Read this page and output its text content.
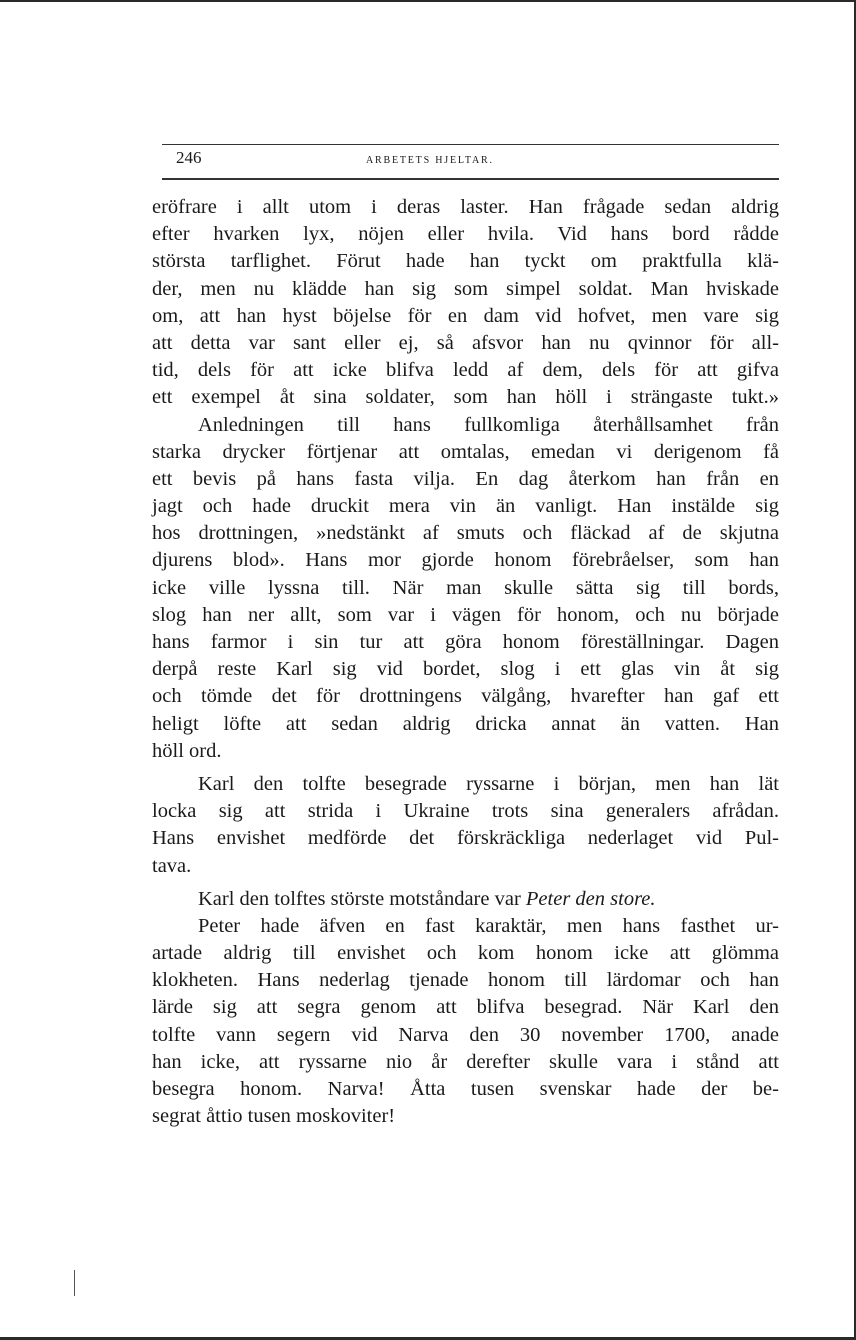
246	ARBETETS HJELTAR.
eröfrare i allt utom i deras laster. Han frågade sedan aldrig
efter hvarken lyx, nöjen eller hvila. Vid hans bord rådde
största tarflighet. Förut hade han tyckt om praktfulla klä-
der, men nu klädde han sig som simpel soldat. Man hviskade
om, att han hyst böjelse för en dam vid hofvet, men vare sig
att detta var sant eller ej, så afsvor han nu qvinnor för all-
tid, dels för att icke blifva ledd af dem, dels för att gifva
ett exempel åt sina soldater, som han höll i strängaste tukt.»
Anledningen till hans fullkomliga återhållsamhet från
starka drycker förtjenar att omtalas, emedan vi derigenom få
ett bevis på hans fasta vilja. En dag återkom han från en
jagt och hade druckit mera vin än vanligt. Han instälde sig
hos drottningen, »nedstänkt af smuts och fläckad af de skjutna
djurens blod». Hans mor gjorde honom förebråelser, som han
icke ville lyssna till. När man skulle sätta sig till bords,
slog han ner allt, som var i vägen för honom, och nu började
hans farmor i sin tur att göra honom föreställningar. Dagen
derpå reste Karl sig vid bordet, slog i ett glas vin åt sig
och tömde det för drottningens välgång, hvarefter han gaf ett
heligt löfte att sedan aldrig dricka annat än vatten. Han
höll ord.
Karl den tolfte besegrade ryssarne i början, men han lät
locka sig att strida i Ukraine trots sina generalers afrådan.
Hans envishet medförde det förskräckliga nederlaget vid Pul-
tava.
Karl den tolftes störste motståndare var Peter den store.
Peter hade äfven en fast karaktär, men hans fasthet ur-
artade aldrig till envishet och kom honom icke att glömma
klokheten. Hans nederlag tjenade honom till lärdomar och han
lärde sig att segra genom att blifva besegrad. När Karl den
tolfte vann segern vid Narva den 30 november 1700, anade
han icke, att ryssarne nio år derefter skulle vara i stånd att
besegra honom. Narva! Åtta tusen svenskar hade der be-
segrat åttio tusen moskoviter!
